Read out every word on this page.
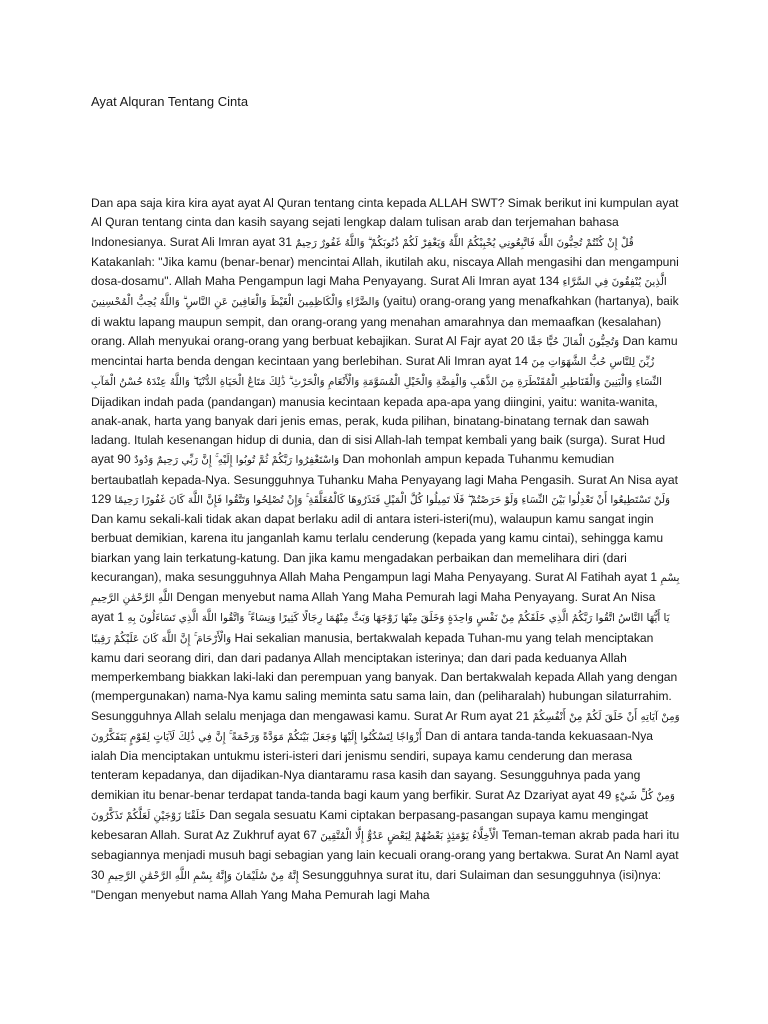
Ayat Alquran Tentang Cinta

Dan apa saja kira kira ayat ayat Al Quran tentang cinta kepada ALLAH SWT? Simak berikut ini kumpulan ayat Al Quran tentang cinta dan kasih sayang sejati lengkap dalam tulisan arab dan terjemahan bahasa Indonesianya. Surat Ali Imran ayat 31 قُلْ إِنْ كُنْتُمْ تُحِبُّونَ اللَّهَ فَاتَّبِعُونِي يُحْبِبْكُمُ اللَّهُ وَيَغْفِرْ لَكُمْ ذُنُوبَكُمْ ۗ وَاللَّهُ غَفُورٌ رَحِيمٌ Katakanlah: "Jika kamu (benar-benar) mencintai Allah, ikutilah aku, niscaya Allah mengasihi dan mengampuni dosa-dosamu". Allah Maha Pengampun lagi Maha Penyayang. Surat Ali Imran ayat 134 الَّذِينَ يُنْفِقُونَ فِي السَّرَّاءِ وَالضَّرَّاءِ وَالْكَاظِمِينَ الْغَيْظَ وَالْعَافِينَ عَنِ النَّاسِ ۗ وَاللَّهُ يُحِبُّ الْمُحْسِنِينَ (yaitu) orang-orang yang menafkahkan (hartanya), baik di waktu lapang maupun sempit, dan orang-orang yang menahan amarahnya dan memaafkan (kesalahan) orang. Allah menyukai orang-orang yang berbuat kebajikan. Surat Al Fajr ayat 20 وَتُحِبُّونَ الْمَالَ حُبًّا جَمًّا Dan kamu mencintai harta benda dengan kecintaan yang berlebihan. Surat Ali Imran ayat 14 زُيِّنَ لِلنَّاسِ حُبُّ الشَّهَوَاتِ مِنَ النِّسَاءِ وَالْبَنِينَ وَالْقَنَاطِيرِ الْمُقَنْطَرَةِ مِنَ الذَّهَبِ وَالْفِضَّةِ وَالْخَيْلِ الْمُسَوَّمَةِ وَالْأَنْعَامِ وَالْحَرْثِ ۗ ذَٰلِكَ مَتَاعُ الْحَيَاةِ الدُّنْيَا ۖ وَاللَّهُ عِنْدَهُ حُسْنُ الْمَآبِ Dijadikan indah pada (pandangan) manusia kecintaan kepada apa-apa yang diingini, yaitu: wanita-wanita, anak-anak, harta yang banyak dari jenis emas, perak, kuda pilihan, binatang-binatang ternak dan sawah ladang. Itulah kesenangan hidup di dunia, dan di sisi Allah-lah tempat kembali yang baik (surga). Surat Hud ayat 90 وَاسْتَغْفِرُوا رَبَّكُمْ ثُمَّ تُوبُوا إِلَيْهِ ۚ إِنَّ رَبِّي رَحِيمٌ وَدُودٌ Dan mohonlah ampun kepada Tuhanmu kemudian bertaubatlah kepada-Nya. Sesungguhnya Tuhanku Maha Penyayang lagi Maha Pengasih. Surat An Nisa ayat 129 وَلَنْ تَسْتَطِيعُوا أَنْ تَعْدِلُوا بَيْنَ النِّسَاءِ وَلَوْ حَرَصْتُمْ ۖ فَلَا تَمِيلُوا كُلَّ الْمَيْلِ فَتَذَرُوهَا كَالْمُعَلَّقَةِ ۚ وَإِنْ تُصْلِحُوا وَتَتَّقُوا فَإِنَّ اللَّهَ كَانَ غَفُورًا رَحِيمًا Dan kamu sekali-kali tidak akan dapat berlaku adil di antara isteri-isteri(mu), walaupun kamu sangat ingin berbuat demikian, karena itu janganlah kamu terlalu cenderung (kepada yang kamu cintai), sehingga kamu biarkan yang lain terkatung-katung. Dan jika kamu mengadakan perbaikan dan memelihara diri (dari kecurangan), maka sesungguhnya Allah Maha Pengampun lagi Maha Penyayang. Surat Al Fatihah ayat 1 بِسْمِ اللَّهِ الرَّحْمَٰنِ الرَّحِيمِ Dengan menyebut nama Allah Yang Maha Pemurah lagi Maha Penyayang. Surat An Nisa ayat 1 يَا أَيُّهَا النَّاسُ اتَّقُوا رَبَّكُمُ الَّذِي خَلَقَكُمْ مِنْ نَفْسٍ وَاحِدَةٍ وَخَلَقَ مِنْهَا زَوْجَهَا وَبَثَّ مِنْهُمَا رِجَالًا كَثِيرًا وَنِسَاءً ۚ وَاتَّقُوا اللَّهَ الَّذِي تَسَاءَلُونَ بِهِ وَالْأَرْحَامَ ۚ إِنَّ اللَّهَ كَانَ عَلَيْكُمْ رَقِيبًا Hai sekalian manusia, bertakwalah kepada Tuhan-mu yang telah menciptakan kamu dari seorang diri, dan dari padanya Allah menciptakan isterinya; dan dari pada keduanya Allah memperkembang biakkan laki-laki dan perempuan yang banyak. Dan bertakwalah kepada Allah yang dengan (mempergunakan) nama-Nya kamu saling meminta satu sama lain, dan (peliharalah) hubungan silaturrahim. Sesungguhnya Allah selalu menjaga dan mengawasi kamu. Surat Ar Rum ayat 21 وَمِنْ آيَاتِهِ أَنْ خَلَقَ لَكُمْ مِنْ أَنْفُسِكُمْ أَزْوَاجًا لِتَسْكُنُوا إِلَيْهَا وَجَعَلَ بَيْنَكُمْ مَوَدَّةً وَرَحْمَةً ۚ إِنَّ فِي ذَٰلِكَ لَآيَاتٍ لِقَوْمٍ يَتَفَكَّرُونَ Dan di antara tanda-tanda kekuasaan-Nya ialah Dia menciptakan untukmu isteri-isteri dari jenismu sendiri, supaya kamu cenderung dan merasa tenteram kepadanya, dan dijadikan-Nya diantaramu rasa kasih dan sayang. Sesungguhnya pada yang demikian itu benar-benar terdapat tanda-tanda bagi kaum yang berfikir. Surat Az Dzariyat ayat 49 وَمِنْ كُلِّ شَيْءٍ خَلَقْنَا زَوْجَيْنِ لَعَلَّكُمْ تَذَكَّرُونَ Dan segala sesuatu Kami ciptakan berpasang-pasangan supaya kamu mengingat kebesaran Allah. Surat Az Zukhruf ayat 67 الْأَخِلَّاءُ يَوْمَئِذٍ بَعْضُهُمْ لِبَعْضٍ عَدُوٌّ إِلَّا الْمُتَّقِينَ Teman-teman akrab pada hari itu sebagiannya menjadi musuh bagi sebagian yang lain kecuali orang-orang yang bertakwa. Surat An Naml ayat 30 إِنَّهُ مِنْ سُلَيْمَانَ وَإِنَّهُ بِسْمِ اللَّهِ الرَّحْمَٰنِ الرَّحِيمِ Sesungguhnya surat itu, dari Sulaiman dan sesungguhnya (isi)nya: "Dengan menyebut nama Allah Yang Maha Pemurah lagi Maha
